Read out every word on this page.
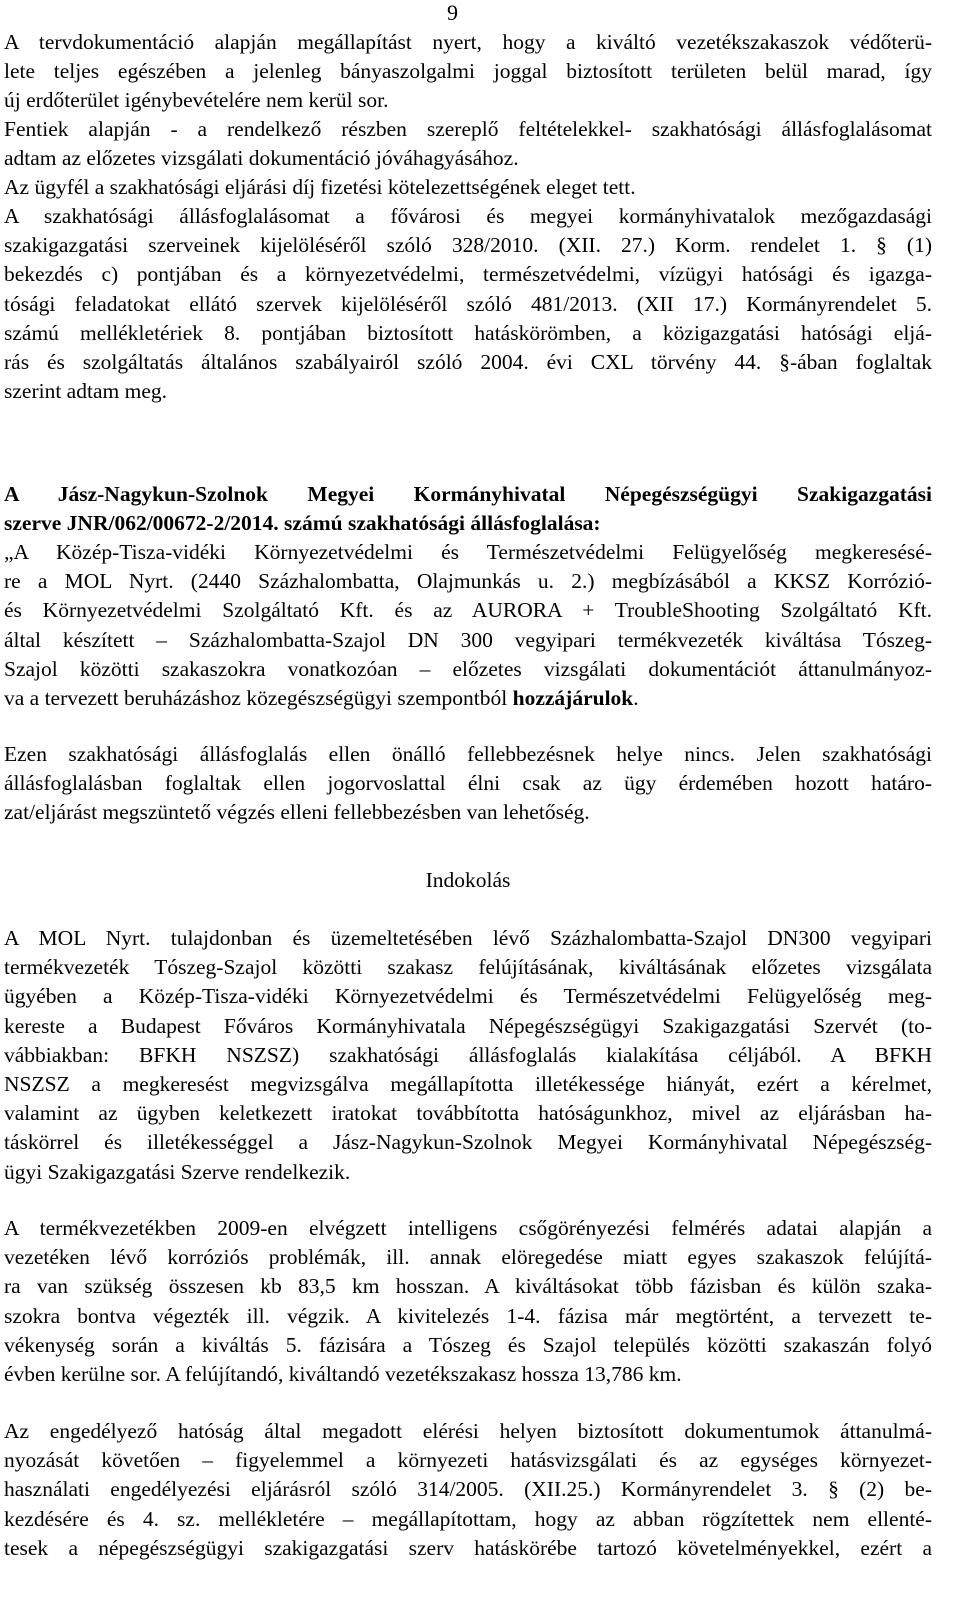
9
A tervdokumentáció alapján megállapítást nyert, hogy a kiváltó vezetékszakaszok védőterü-
lete teljes egészében a jelenleg bányaszolgalmi joggal biztosított területen belül marad, így
új erdőterület igénybevételére nem kerül sor.
Fentiek alapján - a rendelkező részben szereplő feltételekkel- szakhatósági állásfoglalásomat
adtam az előzetes vizsgálati dokumentáció jóváhagyásához.
Az ügyfél a szakhatósági eljárási díj fizetési kötelezettségének eleget tett.
A szakhatósági állásfoglalásomat a fővárosi és megyei kormányhivatalok mezőgazdasági
szakigazgatási szerveinek kijelöléséről szóló 328/2010. (XII. 27.) Korm. rendelet 1. § (1)
bekezdés c) pontjában és a környezetvédelmi, természetvédelmi, vízügyi hatósági és igazga-
tósági feladatokat ellátó szervek kijelöléséről szóló 481/2013. (XII 17.) Kormányrendelet 5.
számú mellékletériek 8. pontjában biztosított hatáskörömben, a közigazgatási hatósági eljá-
rás és szolgáltatás általános szabályairól szóló 2004. évi CXL törvény 44. §-ában foglaltak
szerint adtam meg.
A Jász-Nagykun-Szolnok Megyei Kormányhivatal Népegészségügyi Szakigazgatási
szerve JNR/062/00672-2/2014. számú szakhatósági állásfoglalása:
„A Közép-Tisza-vidéki Környezetvédelmi és Természetvédelmi Felügyelőség megkeresésé-
re a MOL Nyrt. (2440 Százhalombatta, Olajmunkás u. 2.) megbízásából a KKSZ Korrózió-
és Környezetvédelmi Szolgáltató Kft. és az AURORA + TroubleShooting Szolgáltató Kft.
által készített – Százhalombatta-Szajol DN 300 vegyipari termékvezeték kiváltása Tószeg-
Szajol közötti szakaszokra vonatkozóan – előzetes vizsgálati dokumentációt áttanulmányoz-
va a tervezett beruházáshoz közegészségügyi szempontból hozzájárulok.
Ezen szakhatósági állásfoglalás ellen önálló fellebbezésnek helye nincs. Jelen szakhatósági
állásfoglalásban foglaltak ellen jogorvoslattal élni csak az ügy érdemében hozott határo-
zat/eljárást megszüntető végzés elleni fellebbezésben van lehetőség.
Indokolás
A MOL Nyrt. tulajdonban és üzemeltetésében lévő Százhalombatta-Szajol DN300 vegyipari
termékvezeték Tószeg-Szajol közötti szakasz felújításának, kiváltásának előzetes vizsgálata
ügyében a Közép-Tisza-vidéki Környezetvédelmi és Természetvédelmi Felügyelőség meg-
kereste a Budapest Főváros Kormányhivatala Népegészségügyi Szakigazgatási Szervét (to-
vábbiakban: BFKH NSZSZ) szakhatósági állásfoglalás kialakítása céljából. A BFKH
NSZSZ a megkeresést megvizsgálva megállapította illetékessége hiányát, ezért a kérelmet,
valamint az ügyben keletkezett iratokat továbbította hatóságunkhoz, mivel az eljárásban ha-
táskörrel és illetékességgel a Jász-Nagykun-Szolnok Megyei Kormányhivatal Népegészség-
ügyi Szakigazgatási Szerve rendelkezik.
A termékvezetékben 2009-en elvégzett intelligens csőgörényezési felmérés adatai alapján a
vezetéken lévő korróziós problémák, ill. annak elöregedése miatt egyes szakaszok felújítá-
ra van szükség összesen kb 83,5 km hosszan. A kiváltásokat több fázisban és külön szaka-
szokra bontva végezték ill. végzik. A kivitelezés 1-4. fázisa már megtörtént, a tervezett te-
vékenység során a kiváltás 5. fázisára a Tószeg és Szajol település közötti szakaszán folyó
évben kerülne sor. A felújítandó, kiváltandó vezetékszakasz hossza 13,786 km.
Az engedélyező hatóság által megadott elérési helyen biztosított dokumentumok áttanulmá-
nyozását követően – figyelemmel a környezeti hatásvizsgálati és az egységes környezet-
használati engedélyezési eljárásról szóló 314/2005. (XII.25.) Kormányrendelet 3. § (2) be-
kezdésére és 4. sz. mellékletére – megállapítottam, hogy az abban rögzítettek nem ellenté-
tesek a népegészségügyi szakigazgatási szerv hatáskörébe tartozó követelményekkel, ezért a
